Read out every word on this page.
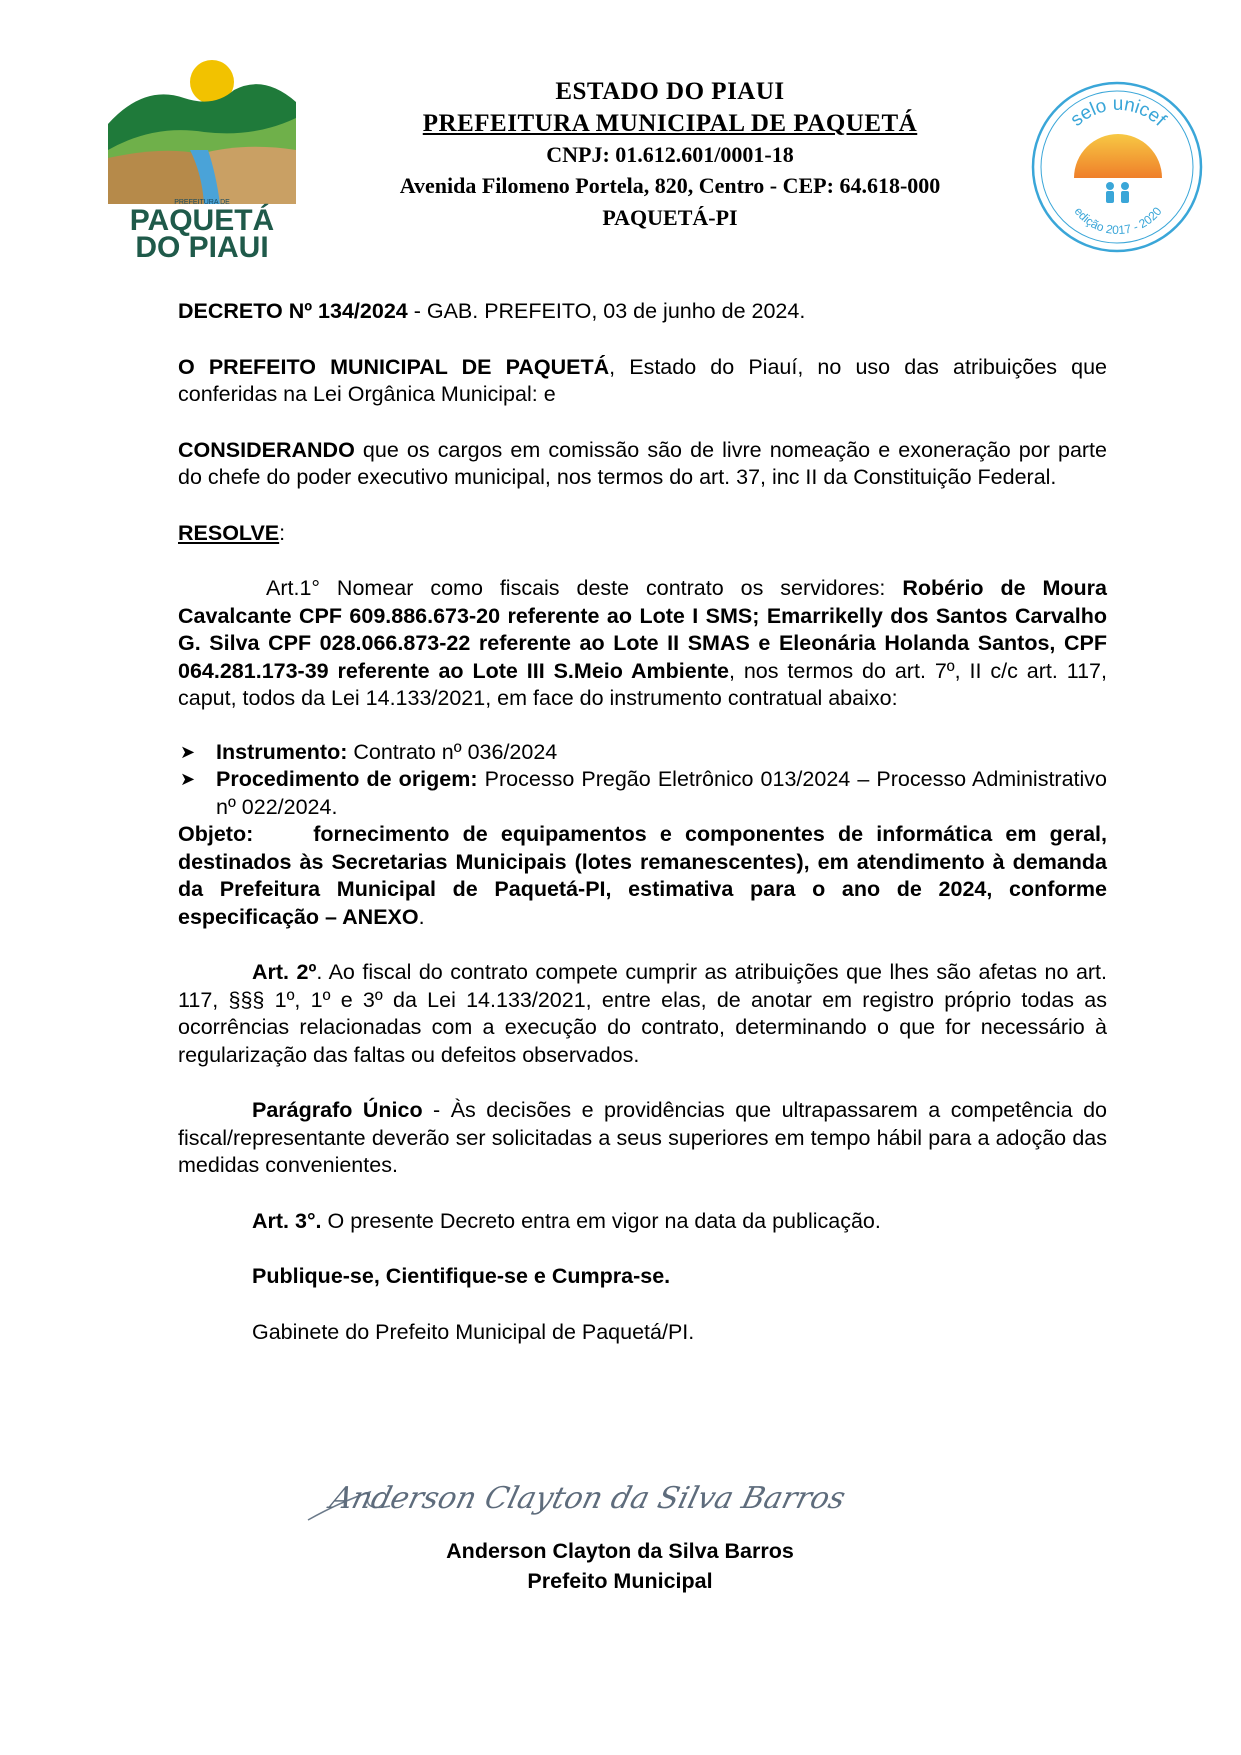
PREFEITURA DE
PAQUETÁ
DO PIAUI
ESTADO DO PIAUI
PREFEITURA MUNICIPAL DE PAQUETÁ
CNPJ: 01.612.601/0001-18
Avenida Filomeno Portela, 820, Centro - CEP: 64.618-000
PAQUETÁ-PI
selo unicef
edição 2017 - 2020

DECRETO Nº 134/2024 - GAB. PREFEITO, 03 de junho de 2024.

O PREFEITO MUNICIPAL DE PAQUETÁ, Estado do Piauí, no uso das atribuições que conferidas na Lei Orgânica Municipal: e

CONSIDERANDO que os cargos em comissão são de livre nomeação e exoneração por parte do chefe do poder executivo municipal, nos termos do art. 37, inc II da Constituição Federal.

RESOLVE:

Art.1° Nomear como fiscais deste contrato os servidores: Robério de Moura Cavalcante CPF 609.886.673-20 referente ao Lote I SMS; Emarrikelly dos Santos Carvalho G. Silva CPF 028.066.873-22 referente ao Lote II SMAS e Eleonária Holanda Santos, CPF 064.281.173-39 referente ao Lote III S.Meio Ambiente, nos termos do art. 7º, II c/c art. 117, caput, todos da Lei 14.133/2021, em face do instrumento contratual abaixo:

➤ Instrumento: Contrato nº 036/2024
➤ Procedimento de origem: Processo Pregão Eletrônico 013/2024 – Processo Administrativo nº 022/2024.

Objeto:	fornecimento de equipamentos e componentes de informática em geral, destinados às Secretarias Municipais (lotes remanescentes), em atendimento à demanda da Prefeitura Municipal de Paquetá-PI, estimativa para o ano de 2024, conforme especificação – ANEXO.

Art. 2º. Ao fiscal do contrato compete cumprir as atribuições que lhes são afetas no art. 117, §§§ 1º, 1º e 3º da Lei 14.133/2021, entre elas, de anotar em registro próprio todas as ocorrências relacionadas com a execução do contrato, determinando o que for necessário à regularização das faltas ou defeitos observados.

Parágrafo Único - Às decisões e providências que ultrapassarem a competência do fiscal/representante deverão ser solicitadas a seus superiores em tempo hábil para a adoção das medidas convenientes.

Art. 3°. O presente Decreto entra em vigor na data da publicação.

Publique-se, Cientifique-se e Cumpra-se.

Gabinete do Prefeito Municipal de Paquetá/PI.

Anderson Clayton da Silva Barros
Anderson Clayton da Silva Barros
Prefeito Municipal
